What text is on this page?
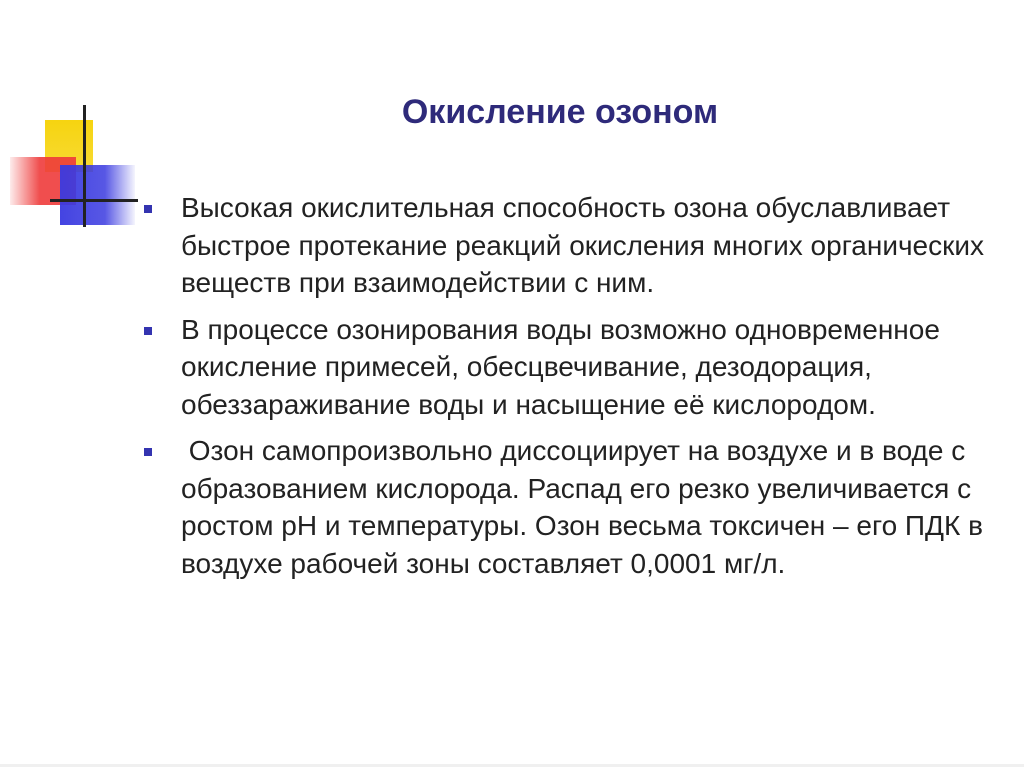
Окисление озоном
Высокая окислительная способность озона обуславливает быстрое протекание реакций окисления многих органических веществ при взаимодействии с ним.
В процессе озонирования воды возможно одновременное окисление примесей, обесцвечивание, дезодорация, обеззараживание воды и насыщение её кислородом.
Озон самопроизвольно диссоциирует на воздухе и в воде с образованием кислорода. Распад его резко увеличивается с ростом pH и температуры. Озон весьма токсичен – его ПДК в воздухе рабочей зоны составляет 0,0001 мг/л.
